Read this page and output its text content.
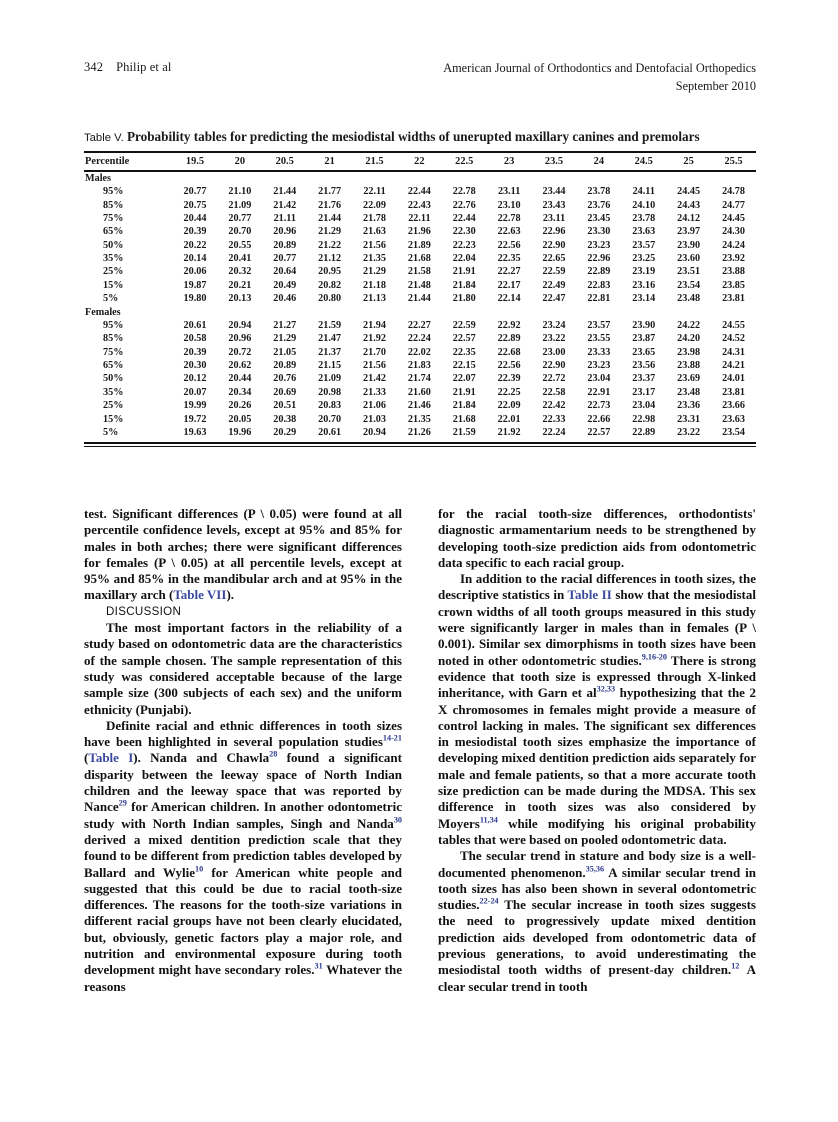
342 Philip et al	American Journal of Orthodontics and Dentofacial Orthopedics
September 2010
Table V. Probability tables for predicting the mesiodistal widths of unerupted maxillary canines and premolars
Percentile	19.5	20	20.5	21	21.5	22	22.5	23	23.5	24	24.5	25	25.5
Males													
95%	20.77	21.10	21.44	21.77	22.11	22.44	22.78	23.11	23.44	23.78	24.11	24.45	24.78
85%	20.75	21.09	21.42	21.76	22.09	22.43	22.76	23.10	23.43	23.76	24.10	24.43	24.77
75%	20.44	20.77	21.11	21.44	21.78	22.11	22.44	22.78	23.11	23.45	23.78	24.12	24.45
65%	20.39	20.70	20.96	21.29	21.63	21.96	22.30	22.63	22.96	23.30	23.63	23.97	24.30
50%	20.22	20.55	20.89	21.22	21.56	21.89	22.23	22.56	22.90	23.23	23.57	23.90	24.24
35%	20.14	20.41	20.77	21.12	21.35	21.68	22.04	22.35	22.65	22.96	23.25	23.60	23.92
25%	20.06	20.32	20.64	20.95	21.29	21.58	21.91	22.27	22.59	22.89	23.19	23.51	23.88
15%	19.87	20.21	20.49	20.82	21.18	21.48	21.84	22.17	22.49	22.83	23.16	23.54	23.85
5%	19.80	20.13	20.46	20.80	21.13	21.44	21.80	22.14	22.47	22.81	23.14	23.48	23.81
Females													
95%	20.61	20.94	21.27	21.59	21.94	22.27	22.59	22.92	23.24	23.57	23.90	24.22	24.55
85%	20.58	20.96	21.29	21.47	21.92	22.24	22.57	22.89	23.22	23.55	23.87	24.20	24.52
75%	20.39	20.72	21.05	21.37	21.70	22.02	22.35	22.68	23.00	23.33	23.65	23.98	24.31
65%	20.30	20.62	20.89	21.15	21.56	21.83	22.15	22.56	22.90	23.23	23.56	23.88	24.21
50%	20.12	20.44	20.76	21.09	21.42	21.74	22.07	22.39	22.72	23.04	23.37	23.69	24.01
35%	20.07	20.34	20.69	20.98	21.33	21.60	21.91	22.25	22.58	22.91	23.17	23.48	23.81
25%	19.99	20.26	20.51	20.83	21.06	21.46	21.84	22.09	22.42	22.73	23.04	23.36	23.66
15%	19.72	20.05	20.38	20.70	21.03	21.35	21.68	22.01	22.33	22.66	22.98	23.31	23.63
5%	19.63	19.96	20.29	20.61	20.94	21.26	21.59	21.92	22.24	22.57	22.89	23.22	23.54

test. Significant differences (P \ 0.05) were found at all percentile confidence levels, except at 95% and 85% for males in both arches; there were significant differences for females (P \ 0.05) at all percentile levels, except at 95% and 85% in the mandibular arch and at 95% in the maxillary arch (Table VII).

DISCUSSION

The most important factors in the reliability of a study based on odontometric data are the characteristics of the sample chosen. The sample representation of this study was considered acceptable because of the large sample size (300 subjects of each sex) and the uniform ethnicity (Punjabi).

Definite racial and ethnic differences in tooth sizes have been highlighted in several population studies$^{14-21}$ (Table I). Nanda and Chawla$^{28}$ found a significant disparity between the leeway space of North Indian children and the leeway space that was reported by Nance$^{29}$ for American children. In another odontometric study with North Indian samples, Singh and Nanda$^{30}$ derived a mixed dentition prediction scale that they found to be different from prediction tables developed by Ballard and Wylie$^{10}$ for American white people and suggested that this could be due to racial tooth-size differences. The reasons for the tooth-size variations in different racial groups have not been clearly elucidated, but, obviously, genetic factors play a major role, and nutrition and environmental exposure during tooth development might have secondary roles.$^{31}$ Whatever the reasons

for the racial tooth-size differences, orthodontists' diagnostic armamentarium needs to be strengthened by developing tooth-size prediction aids from odontometric data specific to each racial group.

In addition to the racial differences in tooth sizes, the descriptive statistics in Table II show that the mesiodistal crown widths of all tooth groups measured in this study were significantly larger in males than in females (P \ 0.001). Similar sex dimorphisms in tooth sizes have been noted in other odontometric studies.$^{9,16-20}$ There is strong evidence that tooth size is expressed through X-linked inheritance, with Garn et al$^{32,33}$ hypothesizing that the 2 X chromosomes in females might provide a measure of control lacking in males. The significant sex differences in mesiodistal tooth sizes emphasize the importance of developing mixed dentition prediction aids separately for male and female patients, so that a more accurate tooth size prediction can be made during the MDSA. This sex difference in tooth sizes was also considered by Moyers$^{11,34}$ while modifying his original probability tables that were based on pooled odontometric data.

The secular trend in stature and body size is a well-documented phenomenon.$^{35,36}$ A similar secular trend in tooth sizes has also been shown in several odontometric studies.$^{22-24}$ The secular increase in tooth sizes suggests the need to progressively update mixed dentition prediction aids developed from odontometric data of previous generations, to avoid underestimating the mesiodistal tooth widths of present-day children.$^{12}$ A clear secular trend in tooth
